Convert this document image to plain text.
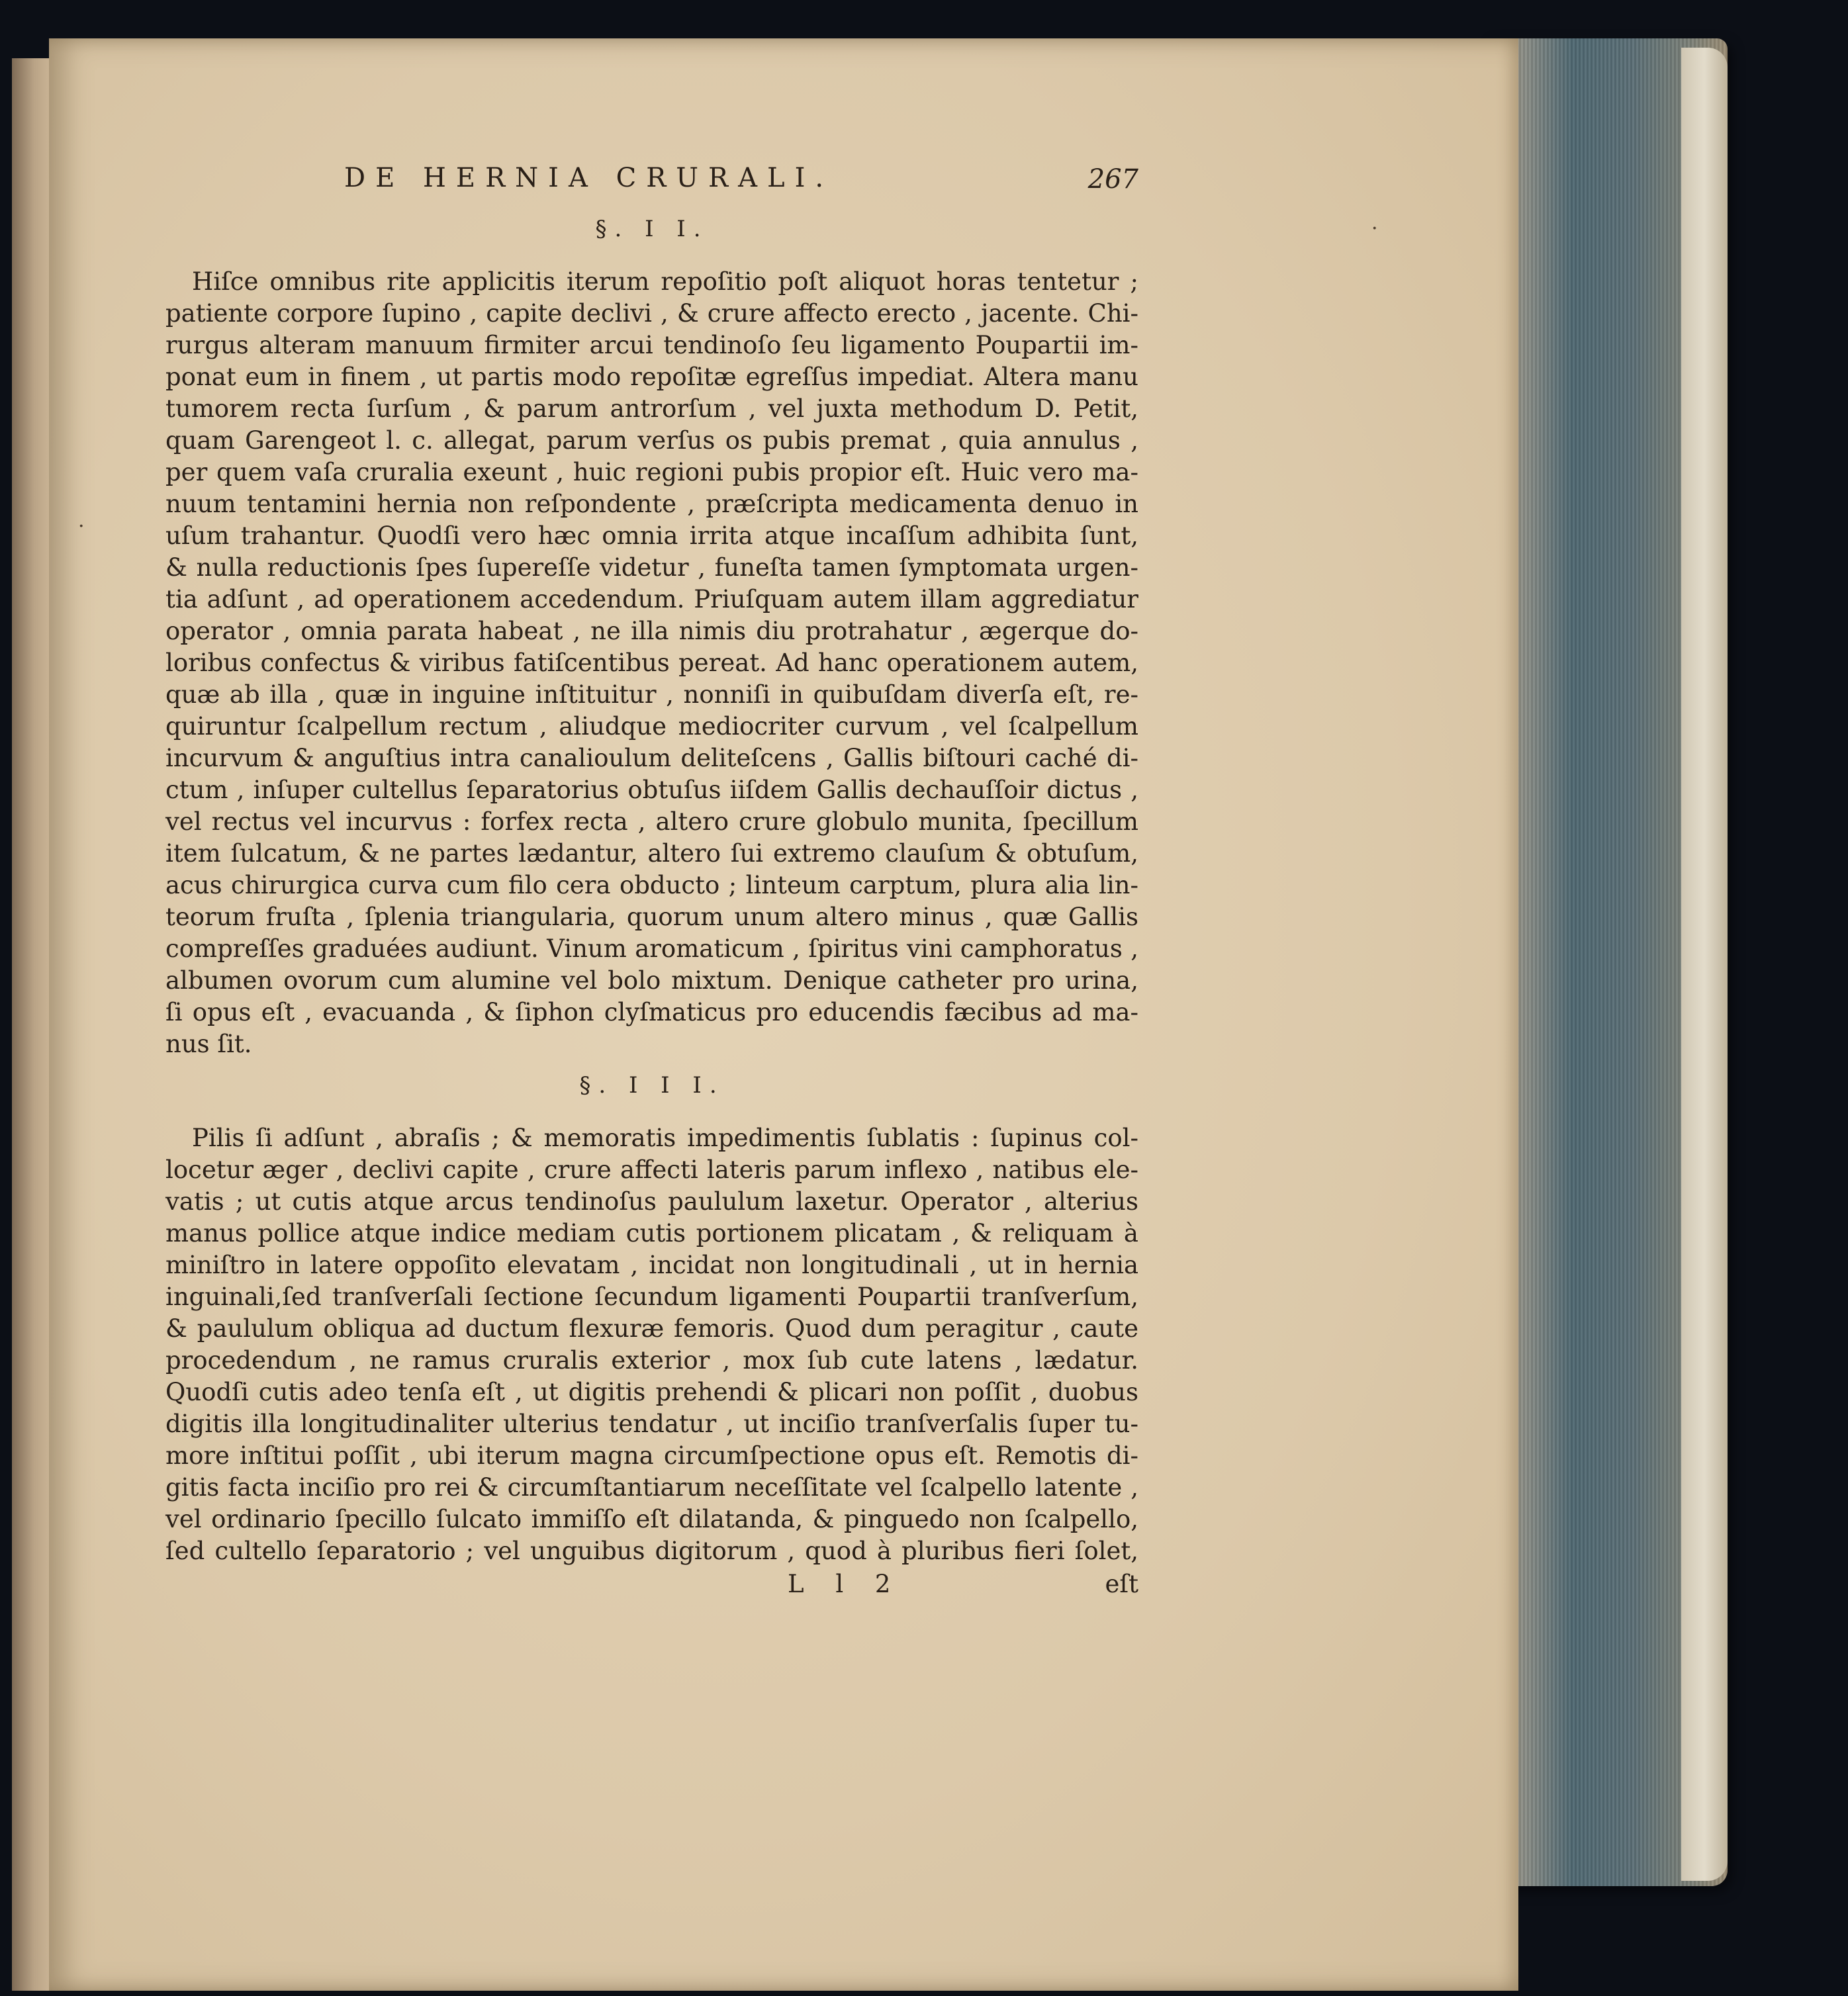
·
·
DE HERNIA CRURALI.	267
§. I I.
Hiſce omnibus rite applicitis iterum repoſitio poſt aliquot horas tentetur ;
patiente corpore ſupino , capite declivi , & crure affecto erecto , jacente. Chi-
rurgus alteram manuum firmiter arcui tendinoſo ſeu ligamento Poupartii im-
ponat eum in finem , ut partis modo repoſitæ egreſſus impediat. Altera manu
tumorem recta ſurſum , & parum antrorſum , vel juxta methodum D. Petit,
quam Garengeot l. c. allegat, parum verſus os pubis premat , quia annulus ,
per quem vaſa cruralia exeunt , huic regioni pubis propior eſt. Huic vero ma-
nuum tentamini hernia non reſpondente , præſcripta medicamenta denuo in
uſum trahantur. Quodſi vero hæc omnia irrita atque incaſſum adhibita ſunt,
& nulla reductionis ſpes ſupereſſe videtur , funeſta tamen ſymptomata urgen-
tia adſunt , ad operationem accedendum. Priuſquam autem illam aggrediatur
operator , omnia parata habeat , ne illa nimis diu protrahatur , ægerque do-
loribus confectus & viribus fatiſcentibus pereat. Ad hanc operationem autem,
quæ ab illa , quæ in inguine inſtituitur , nonniſi in quibuſdam diverſa eſt, re-
quiruntur ſcalpellum rectum , aliudque mediocriter curvum , vel ſcalpellum
incurvum & anguſtius intra canalioulum deliteſcens , Gallis biſtouri caché di-
ctum , inſuper cultellus ſeparatorius obtuſus iiſdem Gallis dechauſſoir dictus ,
vel rectus vel incurvus : forfex recta , altero crure globulo munita, ſpecillum
item ſulcatum, & ne partes lædantur, altero ſui extremo clauſum & obtuſum,
acus chirurgica curva cum filo cera obducto ; linteum carptum, plura alia lin-
teorum fruſta , ſplenia triangularia, quorum unum altero minus , quæ Gallis
compreſſes graduées audiunt. Vinum aromaticum , ſpiritus vini camphoratus ,
albumen ovorum cum alumine vel bolo mixtum. Denique catheter pro urina,
ſi opus eſt , evacuanda , & ſiphon clyſmaticus pro educendis fæcibus ad ma-
nus ſit.
§. I I I.
Pilis ſi adſunt , abraſis ; & memoratis impedimentis ſublatis : ſupinus col-
locetur æger , declivi capite , crure affecti lateris parum inflexo , natibus ele-
vatis ; ut cutis atque arcus tendinoſus paululum laxetur. Operator , alterius
manus pollice atque indice mediam cutis portionem plicatam , & reliquam à
miniſtro in latere oppoſito elevatam , incidat non longitudinali , ut in hernia
inguinali,ſed tranſverſali ſectione ſecundum ligamenti Poupartii tranſverſum,
& paululum obliqua ad ductum flexuræ femoris. Quod dum peragitur , caute
procedendum , ne ramus cruralis exterior , mox ſub cute latens , lædatur.
Quodſi cutis adeo tenſa eſt , ut digitis prehendi & plicari non poſſit , duobus
digitis illa longitudinaliter ulterius tendatur , ut inciſio tranſverſalis ſuper tu-
more inſtitui poſſit , ubi iterum magna circumſpectione opus eſt. Remotis di-
gitis facta inciſio pro rei & circumſtantiarum neceſſitate vel ſcalpello latente ,
vel ordinario ſpecillo ſulcato immiſſo eſt dilatanda, & pinguedo non ſcalpello,
ſed cultello ſeparatorio ; vel unguibus digitorum , quod à pluribus fieri ſolet,
L l 2	eſt
